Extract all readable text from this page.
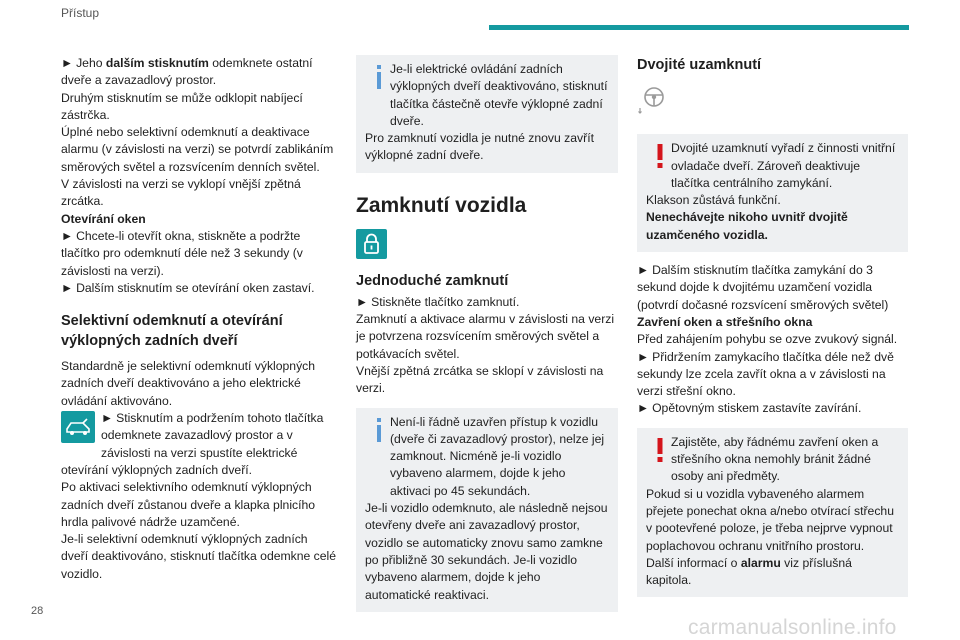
Přístup

► Jeho dalším stisknutím odemknete ostatní dveře a zavazadlový prostor.

Druhým stisknutím se může odklopit nabíjecí zástrčka.

Úplné nebo selektivní odemknutí a deaktivace alarmu (v závislosti na verzi) se potvrdí zablikáním směrových světel a rozsvícením denních světel.

V závislosti na verzi se vyklopí vnější zpětná zrcátka.

Otevírání oken

► Chcete-li otevřít okna, stiskněte a podržte tlačítko pro odemknutí déle než 3 sekundy (v závislosti na verzi).

► Dalším stisknutím se otevírání oken zastaví.

Selektivní odemknutí a otevírání výklopných zadních dveří

Standardně je selektivní odemknutí výklopných zadních dveří deaktivováno a jeho elektrické ovládání aktivováno.

► Stisknutím a podržením tohoto tlačítka odemknete zavazadlový prostor a v závislosti na verzi spustíte elektrické otevírání výklopných zadních dveří.

Po aktivaci selektivního odemknutí výklopných zadních dveří zůstanou dveře a klapka plnicího hrdla palivové nádrže uzamčené.

Je-li selektivní odemknutí výklopných zadních dveří deaktivováno, stisknutí tlačítka odemkne celé vozidlo.

Je-li elektrické ovládání zadních výklopných dveří deaktivováno, stisknutí tlačítka částečně otevře výklopné zadní dveře.

Pro zamknutí vozidla je nutné znovu zavřít výklopné zadní dveře.

Zamknutí vozidla

Jednoduché zamknutí

► Stiskněte tlačítko zamknutí.

Zamknutí a aktivace alarmu v závislosti na verzi je potvrzena rozsvícením směrových světel a potkávacích světel.

Vnější zpětná zrcátka se sklopí v závislosti na verzi.

Není-li řádně uzavřen přístup k vozidlu (dveře či zavazadlový prostor), nelze jej zamknout. Nicméně je-li vozidlo vybaveno alarmem, dojde k jeho aktivaci po 45 sekundách.

Je-li vozidlo odemknuto, ale následně nejsou otevřeny dveře ani zavazadlový prostor, vozidlo se automaticky znovu samo zamkne po přibližně 30 sekundách. Je-li vozidlo vybaveno alarmem, dojde k jeho automatické reaktivaci.

Dvojité uzamknutí

Dvojité uzamknutí vyřadí z činnosti vnitřní ovladače dveří. Zároveň deaktivuje tlačítka centrálního zamykání.

Klakson zůstává funkční.

Nenechávejte nikoho uvnitř dvojitě uzamčeného vozidla.

► Dalším stisknutím tlačítka zamykání do 3 sekund dojde k dvojitému uzamčení vozidla (potvrdí dočasné rozsvícení směrových světel)

Zavření oken a střešního okna

Před zahájením pohybu se ozve zvukový signál.

► Přidržením zamykacího tlačítka déle než dvě sekundy lze zcela zavřít okna a v závislosti na verzi střešní okno.

► Opětovným stiskem zastavíte zavírání.

Zajistěte, aby řádnému zavření oken a střešního okna nemohly bránit žádné osoby ani předměty.

Pokud si u vozidla vybaveného alarmem přejete ponechat okna a/nebo otvírací střechu v pootevřené poloze, je třeba nejprve vypnout poplachovou ochranu vnitřního prostoru.

Další informací o alarmu viz příslušná kapitola.

28
carmanualsonline.info
